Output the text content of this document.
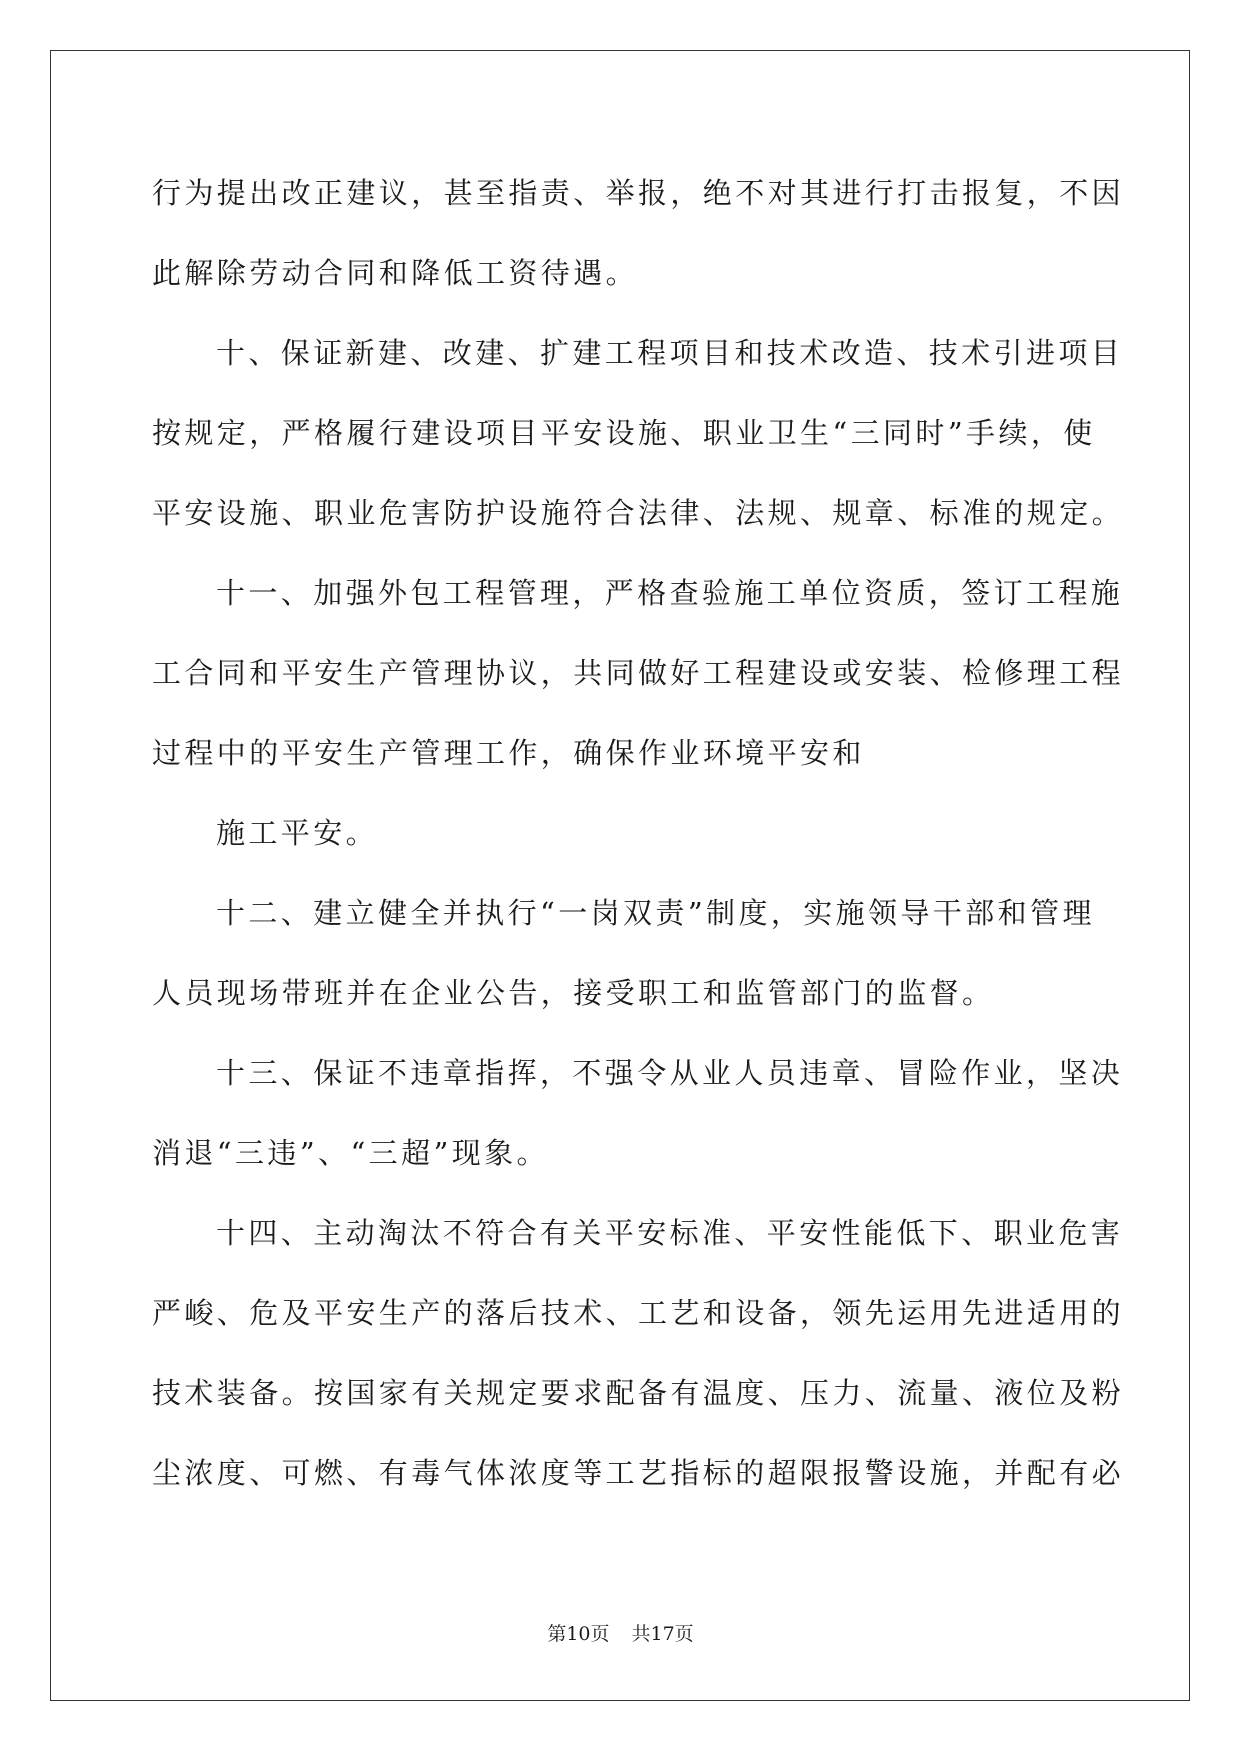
行为提出改正建议，甚至指责、举报，绝不对其进行打击报复，不因
此解除劳动合同和降低工资待遇。
十、保证新建、改建、扩建工程项目和技术改造、技术引进项目
按规定，严格履行建设项目平安设施、职业卫生“三同时”手续，使
平安设施、职业危害防护设施符合法律、法规、规章、标准的规定。
十一、加强外包工程管理，严格查验施工单位资质，签订工程施
工合同和平安生产管理协议，共同做好工程建设或安装、检修理工程
过程中的平安生产管理工作，确保作业环境平安和
施工平安。
十二、建立健全并执行“一岗双责”制度，实施领导干部和管理
人员现场带班并在企业公告，接受职工和监管部门的监督。
十三、保证不违章指挥，不强令从业人员违章、冒险作业，坚决
消退“三违”、“三超”现象。
十四、主动淘汰不符合有关平安标准、平安性能低下、职业危害
严峻、危及平安生产的落后技术、工艺和设备，领先运用先进适用的
技术装备。按国家有关规定要求配备有温度、压力、流量、液位及粉
尘浓度、可燃、有毒气体浓度等工艺指标的超限报警设施，并配有必
第10页 共17页
